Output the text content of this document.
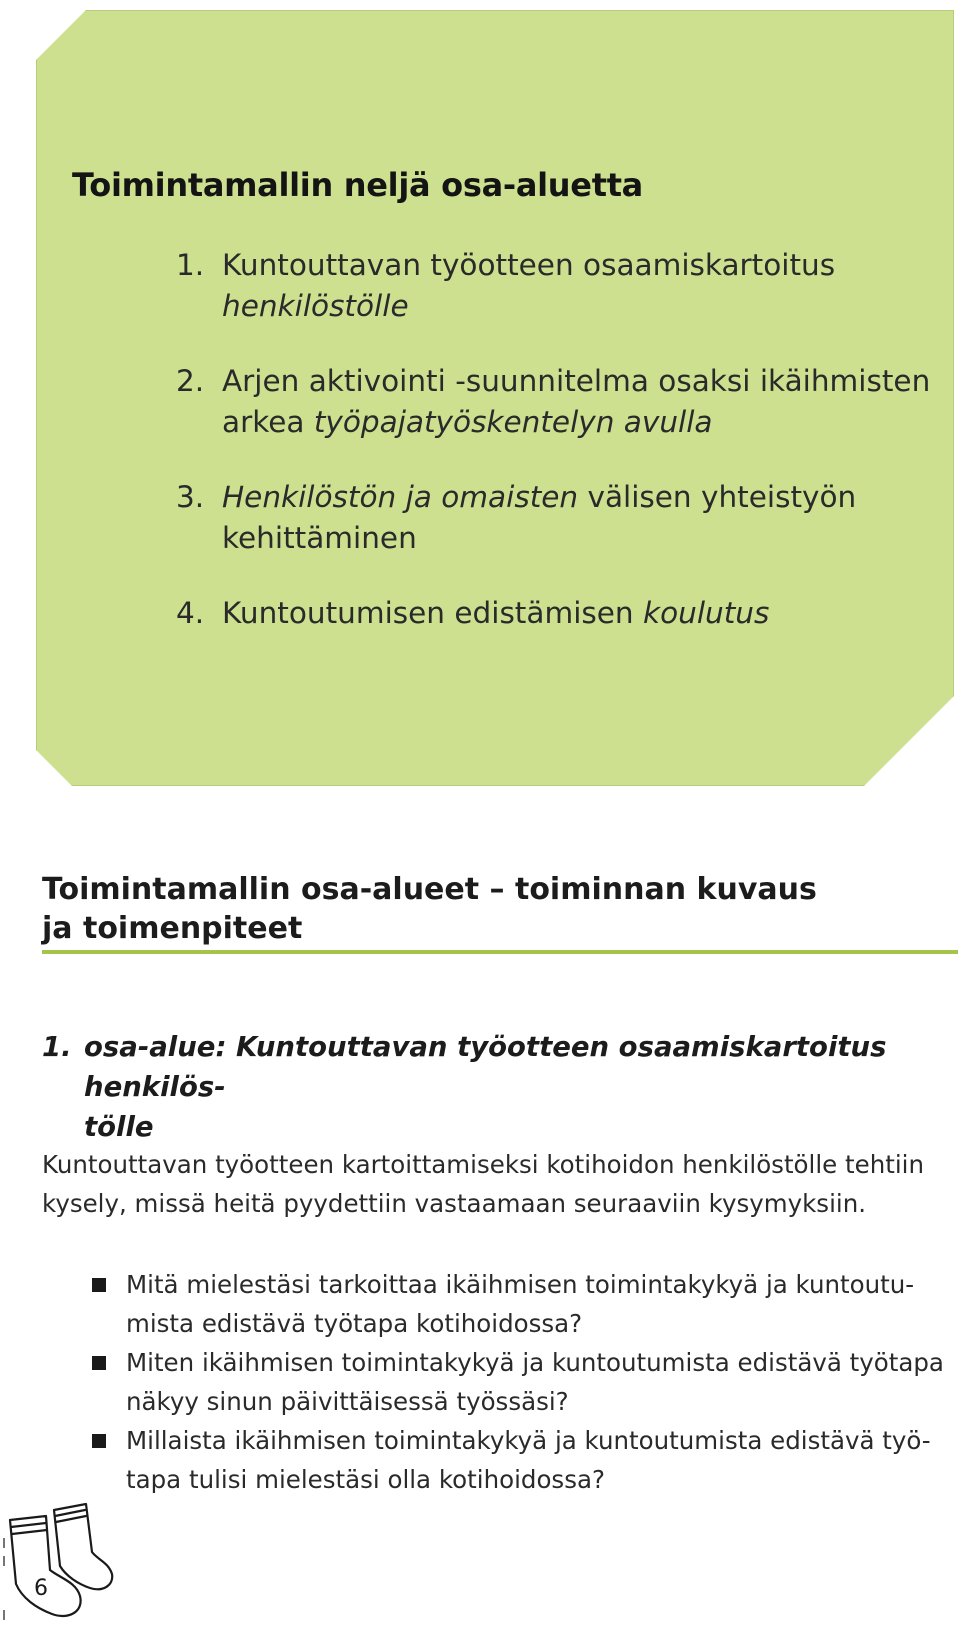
Toimintamallin neljä osa-aluetta
1. Kuntouttavan työotteen osaamiskartoitus henkilöstölle
2. Arjen aktivointi -suunnitelma osaksi ikäihmisten arkea työpajatyöskentelyn avulla
3. Henkilöstön ja omaisten välisen yhteistyön kehittäminen
4. Kuntoutumisen edistämisen koulutus
Toimintamallin osa-alueet – toiminnan kuvaus
ja toimenpiteet
1. osa-alue: Kuntouttavan työotteen osaamiskartoitus henkilös-
tölle

Kuntouttavan työotteen kartoittamiseksi kotihoidon henkilöstölle tehtiin
kysely, missä heitä pyydettiin vastaamaan seuraaviin kysymyksiin.

Mitä mielestäsi tarkoittaa ikäihmisen toimintakykyä ja kuntoutu-
mista edistävä työtapa kotihoidossa?
Miten ikäihmisen toimintakykyä ja kuntoutumista edistävä työtapa
näkyy sinun päivittäisessä työssäsi?
Millaista ikäihmisen toimintakykyä ja kuntoutumista edistävä työ-
tapa tulisi mielestäsi olla kotihoidossa?

6
